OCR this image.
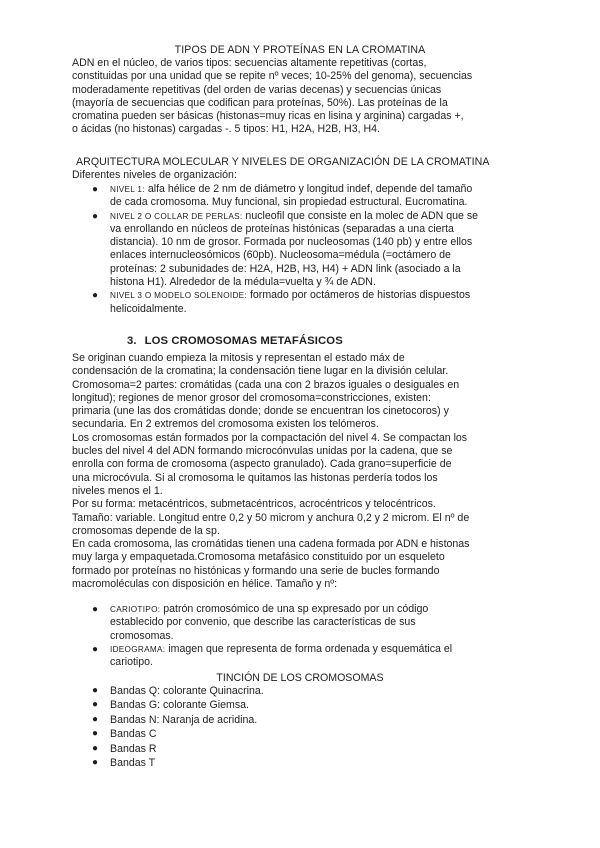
TIPOS DE ADN Y PROTEÍNAS EN LA CROMATINA

ADN en el núcleo, de varios tipos: secuencias altamente repetitivas (cortas,

constituidas por una unidad que se repite nº veces; 10-25% del genoma), secuencias

moderadamente repetitivas (del orden de varias decenas) y secuencias únicas

(mayoría de secuencias que codifican para proteínas, 50%). Las proteínas de la

cromatina pueden ser básicas (histonas=muy ricas en lisina y arginina) cargadas +,

o ácidas (no histonas) cargadas -. 5 tipos: H1, H2A, H2B, H3, H4.

ARQUITECTURA MOLECULAR Y NIVELES DE ORGANIZACIÓN DE LA CROMATINA
Diferentes niveles de organización:
● NIVEL 1: alfa hélice de 2 nm de diámetro y longitud indef, depende del tamaño
de cada cromosoma. Muy funcional, sin propiedad estructural. Eucromatina.
● NIVEL 2 O COLLAR DE PERLAS: nucleofil que consiste en la molec de ADN que se
va enrollando en núcleos de proteínas histónicas (separadas a una cierta
distancia). 10 nm de grosor. Formada por nucleosomas (140 pb) y entre ellos
enlaces internucleosómicos (60pb). Nucleosoma=médula (=octámero de
proteínas: 2 subunidades de: H2A, H2B, H3, H4) + ADN link (asociado a la
histona H1). Alrededor de la médula=vuelta y ¾ de ADN.
● NIVEL 3 O MODELO SOLENOIDE: formado por octámeros de historias dispuestos
helicoidalmente.
3. LOS CROMOSOMAS METAFÁSICOS

Se originan cuando empieza la mitosis y representan el estado máx de

condensación de la cromatina; la condensación tiene lugar en la división celular.

Cromosoma=2 partes: cromátidas (cada una con 2 brazos iguales o desiguales en

longitud); regiones de menor grosor del cromosoma=constricciones, existen:

primaria (une las dos cromátidas donde; donde se encuentran los cinetocoros) y

secundaria. En 2 extremos del cromosoma existen los telómeros.

Los cromosomas están formados por la compactación del nivel 4. Se compactan los

bucles del nivel 4 del ADN formando microcónvulas unidas por la cadena, que se

enrolla con forma de cromosoma (aspecto granulado). Cada grano=superficie de

una microcóvula. Si al cromosoma le quitamos las histonas perdería todos los

niveles menos el 1.

Por su forma: metacéntricos, submetacéntricos, acrocéntricos y telocéntricos.

Tamaño: variable. Longitud entre 0,2 y 50 microm y anchura 0,2 y 2 microm. El nº de

cromosomas depende de la sp.

En cada cromosoma, las cromátidas tienen una cadena formada por ADN e histonas

muy larga y empaquetada.Cromosoma metafásico constituido por un esqueleto

formado por proteínas no histónicas y formando una serie de bucles formando

macromoléculas con disposición en hélice. Tamaño y nº:

● CARIOTIPO: patrón cromosómico de una sp expresado por un código
establecido por convenio, que describe las características de sus
cromosomas.
● IDEOGRAMA: imagen que representa de forma ordenada y esquemática el
cariotipo.
TINCIÓN DE LOS CROMOSOMAS
● Bandas Q: colorante Quinacrina.
● Bandas G: colorante Giemsa.
● Bandas N: Naranja de acridina.
● Bandas C
● Bandas R
● Bandas T
